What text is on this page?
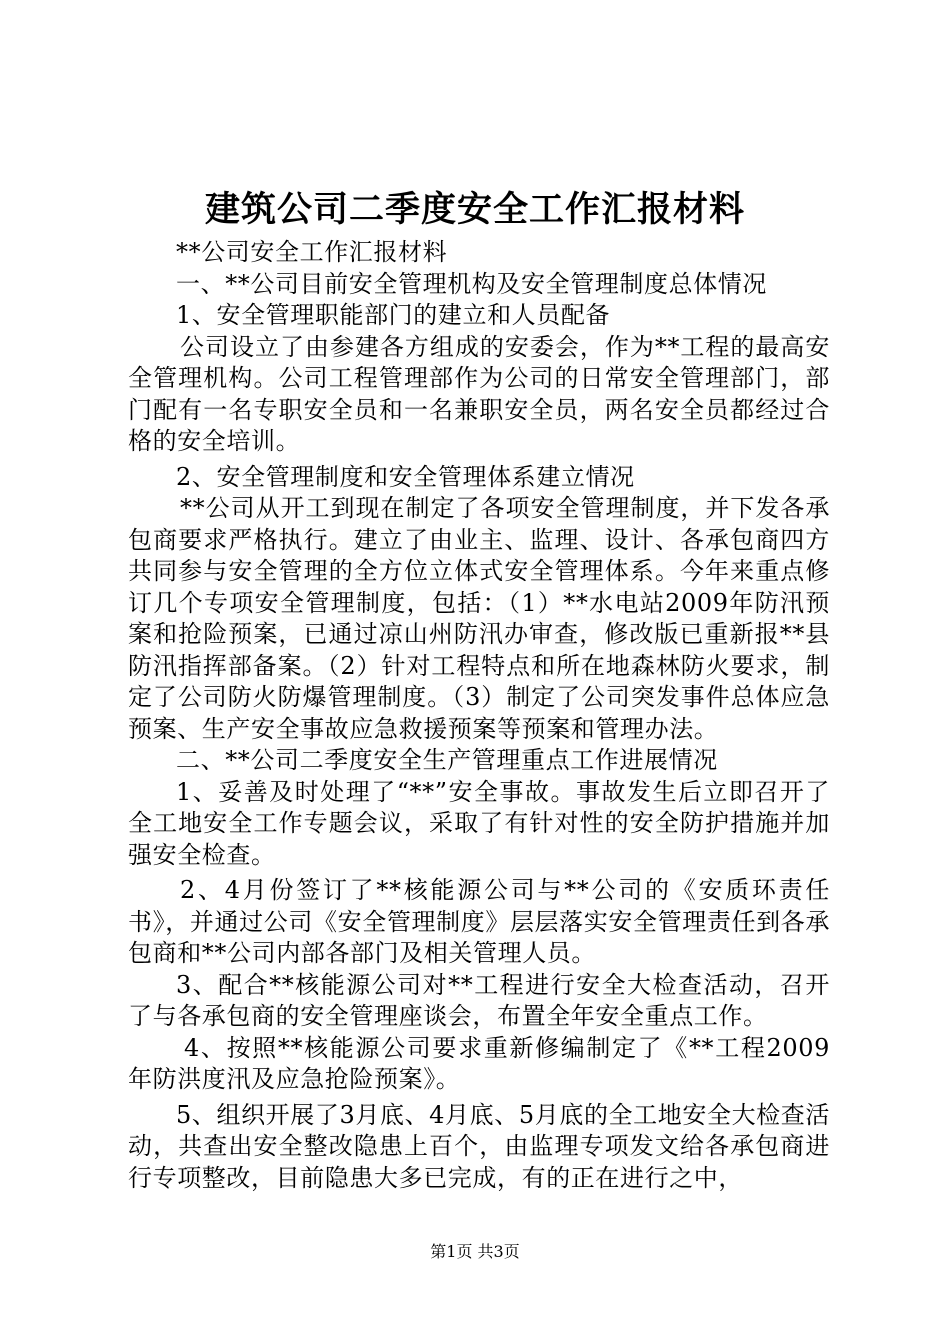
建筑公司二季度安全工作汇报材料

**公司安全工作汇报材料

一、**公司目前安全管理机构及安全管理制度总体情况

1、安全管理职能部门的建立和人员配备

公司设立了由参建各方组成的安委会，作为**工程的最高安全管理机构。公司工程管理部作为公司的日常安全管理部门，部门配有一名专职安全员和一名兼职安全员，两名安全员都经过合格的安全培训。

2、安全管理制度和安全管理体系建立情况

**公司从开工到现在制定了各项安全管理制度，并下发各承包商要求严格执行。建立了由业主、监理、设计、各承包商四方共同参与安全管理的全方位立体式安全管理体系。今年来重点修订几个专项安全管理制度，包括：（1）**水电站2009年防汛预案和抢险预案，已通过凉山州防汛办审查，修改版已重新报**县防汛指挥部备案。（2）针对工程特点和所在地森林防火要求，制定了公司防火防爆管理制度。（3）制定了公司突发事件总体应急预案、生产安全事故应急救援预案等预案和管理办法。

二、**公司二季度安全生产管理重点工作进展情况

1、妥善及时处理了“**”安全事故。事故发生后立即召开了全工地安全工作专题会议，采取了有针对性的安全防护措施并加强安全检查。

2、4月份签订了**核能源公司与**公司的《安质环责任书》，并通过公司《安全管理制度》层层落实安全管理责任到各承包商和**公司内部各部门及相关管理人员。

3、配合**核能源公司对**工程进行安全大检查活动，召开了与各承包商的安全管理座谈会，布置全年安全重点工作。

4、按照**核能源公司要求重新修编制定了《**工程2009年防洪度汛及应急抢险预案》。

5、组织开展了3月底、4月底、5月底的全工地安全大检查活动，共查出安全整改隐患上百个，由监理专项发文给各承包商进行专项整改，目前隐患大多已完成，有的正在进行之中，

第1页 共3页
